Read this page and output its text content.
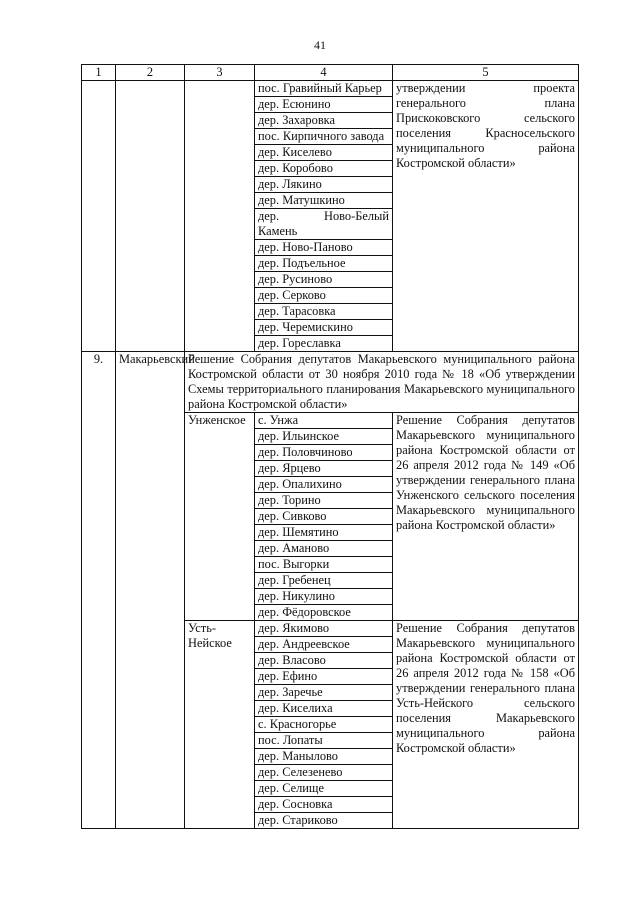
41
1	2	3	4	5
			пос. Гравийный Карьер	утверждении проекта генерального плана Прискоковского сельского поселения Красносельского муниципального района Костромской области»
			дер. Есюнино	
			дер. Захаровка	
			пос. Кирпичного завода	
			дер. Киселево	
			дер. Коробово	
			дер. Лякино	
			дер. Матушкино	
			дер. Ново-Белый Камень	
			дер. Ново-Паново	
			дер. Подъельное	
			дер. Русиново	
			дер. Серково	
			дер. Тарасовка	
			дер. Черемискино	
			дер. Гореславка	
9.	Макарьевский	Решение Собрания депутатов Макарьевского муниципального района Костромской области от 30 ноября 2010 года № 18 «Об утверждении Схемы территориального планирования Макарьевского муниципального района Костромской области»		
		Унженское	с. Унжа	Решение Собрания депутатов Макарьевского муниципального района Костромской области от 26 апреля 2012 года № 149 «Об утверждении генерального плана Унженского сельского поселения Макарьевского муниципального района Костромской области»
			дер. Ильинское	
			дер. Половчиново	
			дер. Ярцево	
			дер. Опалихино	
			дер. Торино	
			дер. Сивково	
			дер. Шемятино	
			дер. Аманово	
			пос. Выгорки	
			дер. Гребенец	
			дер. Никулино	
			дер. Фёдоровское	
		Усть-Нейское	дер. Якимово	Решение Собрания депутатов Макарьевского муниципального района Костромской области от 26 апреля 2012 года № 158 «Об утверждении генерального плана Усть-Нейского сельского поселения Макарьевского муниципального района Костромской области»
			дер. Андреевское	
			дер. Власово	
			дер. Ефино	
			дер. Заречье	
			дер. Киселиха	
			с. Красногорье	
			пос. Лопаты	
			дер. Манылово	
			дер. Селезенево	
			дер. Селище	
			дер. Сосновка	
			дер. Стариково	
